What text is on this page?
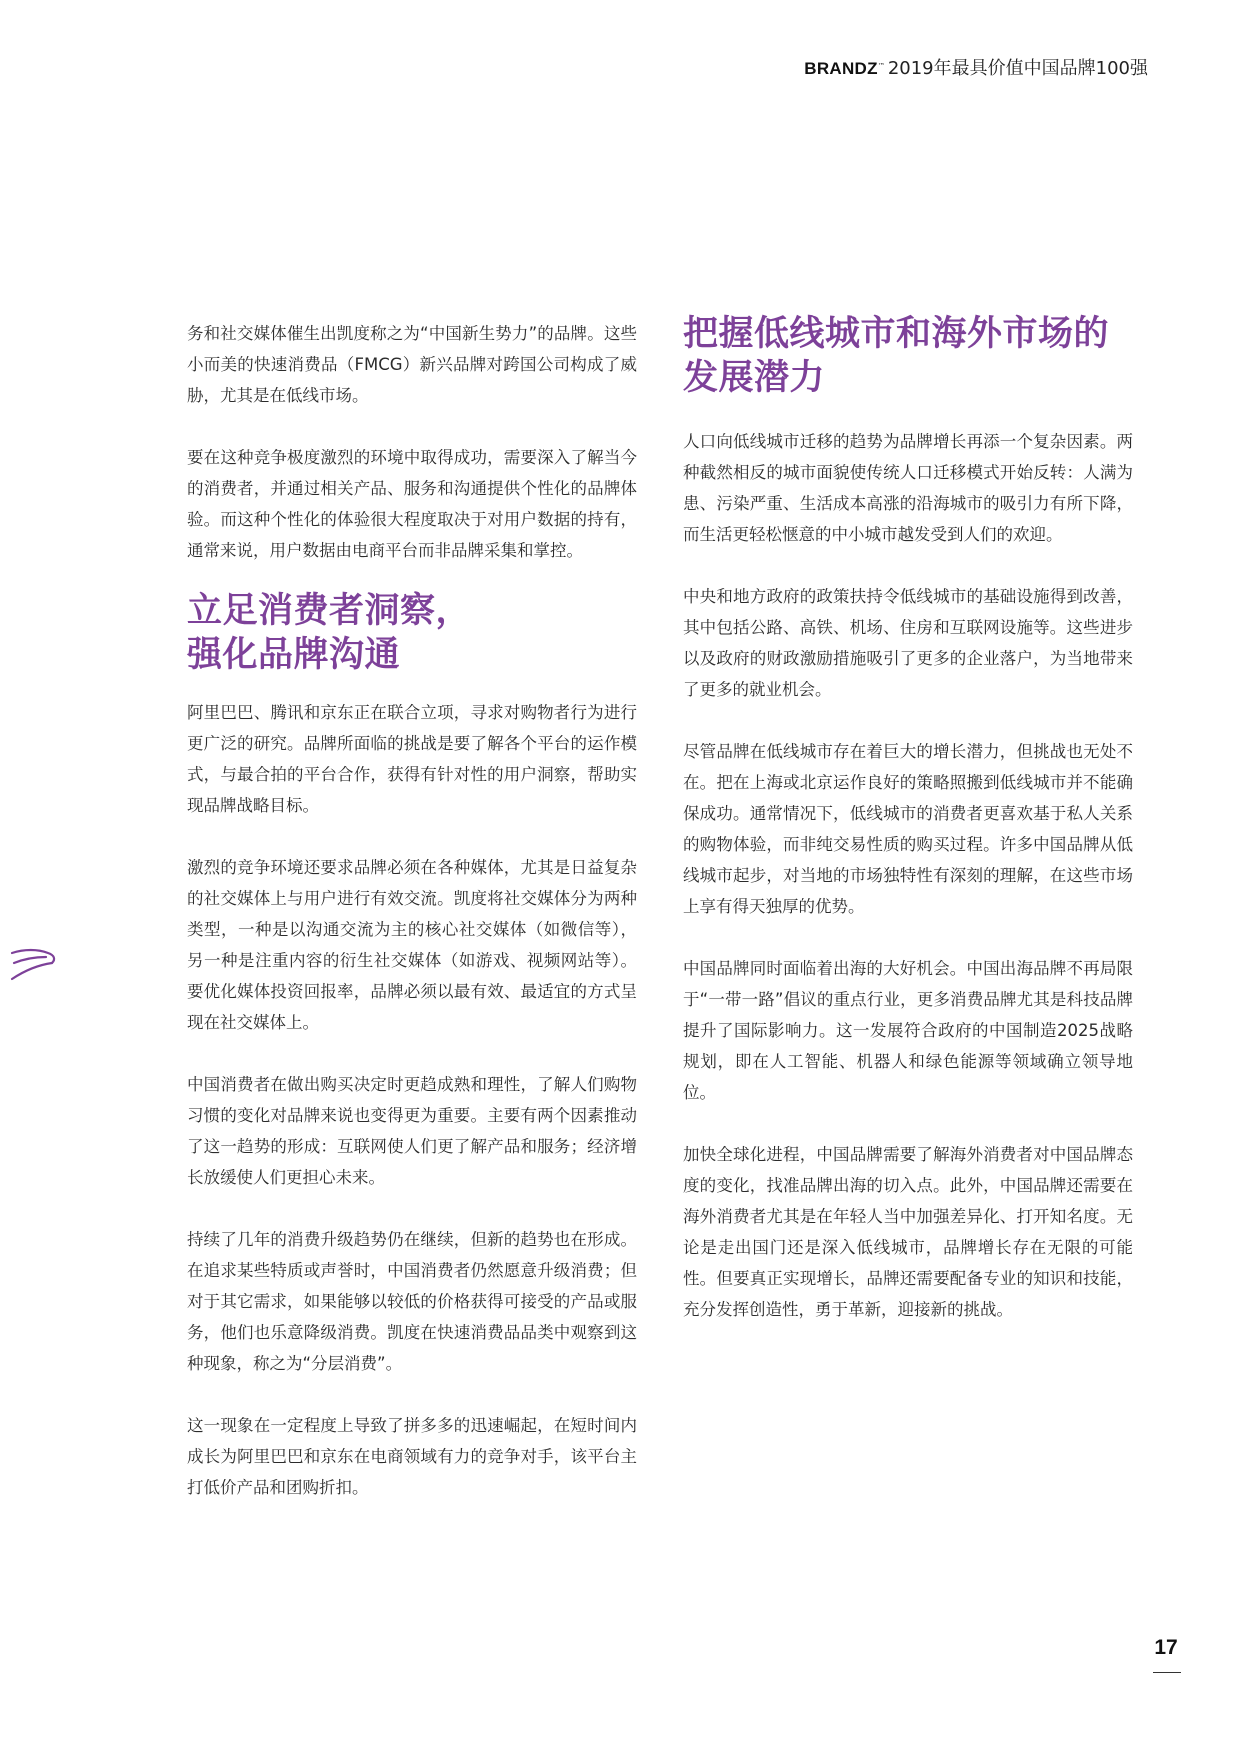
BRANDZ ™ 2019年最具价值中国品牌100强

务和社交媒体催生出凯度称之为“中国新生势力”的品牌。这些小而美的快速消费品（FMCG）新兴品牌对跨国公司构成了威胁，尤其是在低线市场。

要在这种竞争极度激烈的环境中取得成功，需要深入了解当今的消费者，并通过相关产品、服务和沟通提供个性化的品牌体验。而这种个性化的体验很大程度取决于对用户数据的持有，通常来说，用户数据由电商平台而非品牌采集和掌控。

立足消费者洞察，
强化品牌沟通

阿里巴巴、腾讯和京东正在联合立项，寻求对购物者行为进行更广泛的研究。品牌所面临的挑战是要了解各个平台的运作模式，与最合拍的平台合作，获得有针对性的用户洞察，帮助实现品牌战略目标。

激烈的竞争环境还要求品牌必须在各种媒体，尤其是日益复杂的社交媒体上与用户进行有效交流。凯度将社交媒体分为两种类型，一种是以沟通交流为主的核心社交媒体（如微信等），另一种是注重内容的衍生社交媒体（如游戏、视频网站等）。要优化媒体投资回报率，品牌必须以最有效、最适宜的方式呈现在社交媒体上。

中国消费者在做出购买决定时更趋成熟和理性，了解人们购物习惯的变化对品牌来说也变得更为重要。主要有两个因素推动了这一趋势的形成：互联网使人们更了解产品和服务；经济增长放缓使人们更担心未来。

持续了几年的消费升级趋势仍在继续，但新的趋势也在形成。在追求某些特质或声誉时，中国消费者仍然愿意升级消费；但对于其它需求，如果能够以较低的价格获得可接受的产品或服务，他们也乐意降级消费。凯度在快速消费品品类中观察到这种现象，称之为“分层消费”。

这一现象在一定程度上导致了拼多多的迅速崛起，在短时间内成长为阿里巴巴和京东在电商领域有力的竞争对手，该平台主打低价产品和团购折扣。

把握低线城市和海外市场的
发展潜力

人口向低线城市迁移的趋势为品牌增长再添一个复杂因素。两种截然相反的城市面貌使传统人口迁移模式开始反转：人满为患、污染严重、生活成本高涨的沿海城市的吸引力有所下降，而生活更轻松惬意的中小城市越发受到人们的欢迎。

中央和地方政府的政策扶持令低线城市的基础设施得到改善，其中包括公路、高铁、机场、住房和互联网设施等。这些进步以及政府的财政激励措施吸引了更多的企业落户，为当地带来了更多的就业机会。

尽管品牌在低线城市存在着巨大的增长潜力，但挑战也无处不在。把在上海或北京运作良好的策略照搬到低线城市并不能确保成功。通常情况下，低线城市的消费者更喜欢基于私人关系的购物体验，而非纯交易性质的购买过程。许多中国品牌从低线城市起步，对当地的市场独特性有深刻的理解，在这些市场上享有得天独厚的优势。

中国品牌同时面临着出海的大好机会。中国出海品牌不再局限于“一带一路”倡议的重点行业，更多消费品牌尤其是科技品牌提升了国际影响力。这一发展符合政府的中国制造2025战略规划，即在人工智能、机器人和绿色能源等领域确立领导地位。

加快全球化进程，中国品牌需要了解海外消费者对中国品牌态度的变化，找准品牌出海的切入点。此外，中国品牌还需要在海外消费者尤其是在年轻人当中加强差异化、打开知名度。无论是走出国门还是深入低线城市，品牌增长存在无限的可能性。但要真正实现增长，品牌还需要配备专业的知识和技能，充分发挥创造性，勇于革新，迎接新的挑战。

17
